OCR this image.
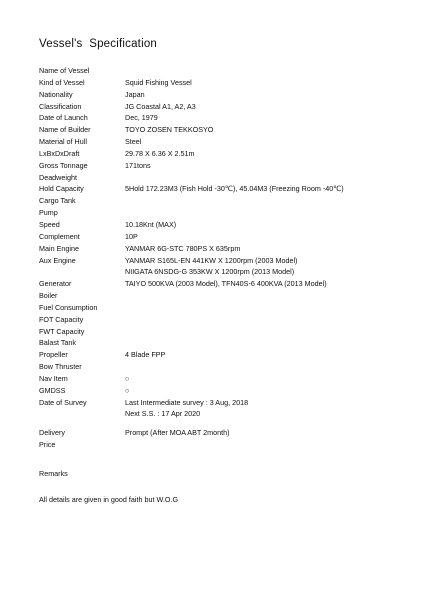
Vessel's  Specification
Name of Vessel

Kind of Vessel	Squid Fishing Vessel

Nationality	Japan

Classification	JG Coastal A1, A2, A3

Date of Launch	Dec, 1979

Name of Builder	TOYO ZOSEN TEKKOSYO

Material of Hull	Steel

LxBxDxDraft	29.78 X 6.36 X 2.51m

Gross Tonnage	171tons

Deadweight

Hold Capacity	5Hold 172.23M3 (Fish Hold -30℃), 45.04M3 (Freezing Room -40℃)

Cargo Tank

Pump

Speed	10.18Knt (MAX)

Complement	10P

Main Engine	YANMAR 6G-STC 780PS X 635rpm

Aux Engine	YANMAR S165L-EN 441KW X 1200rpm (2003 Model)

NIIGATA 6NSDG-G 353KW X 1200rpm (2013 Model)

Generator	TAIYO 500KVA (2003 Model), TFN40S-6 400KVA (2013 Model)

Boiler

Fuel Consumption

FOT Capacity

FWT Capacity

Balast Tank

Propeller	4 Blade FPP

Bow Thruster

Nav Item	○

GMDSS	○

Date of Survey	Last Intermediate survey : 3 Aug, 2018

Next S.S. : 17 Apr 2020

Delivery	Prompt (After MOA ABT 2month)

Price

Remarks
All details are given in good faith but W.O.G
